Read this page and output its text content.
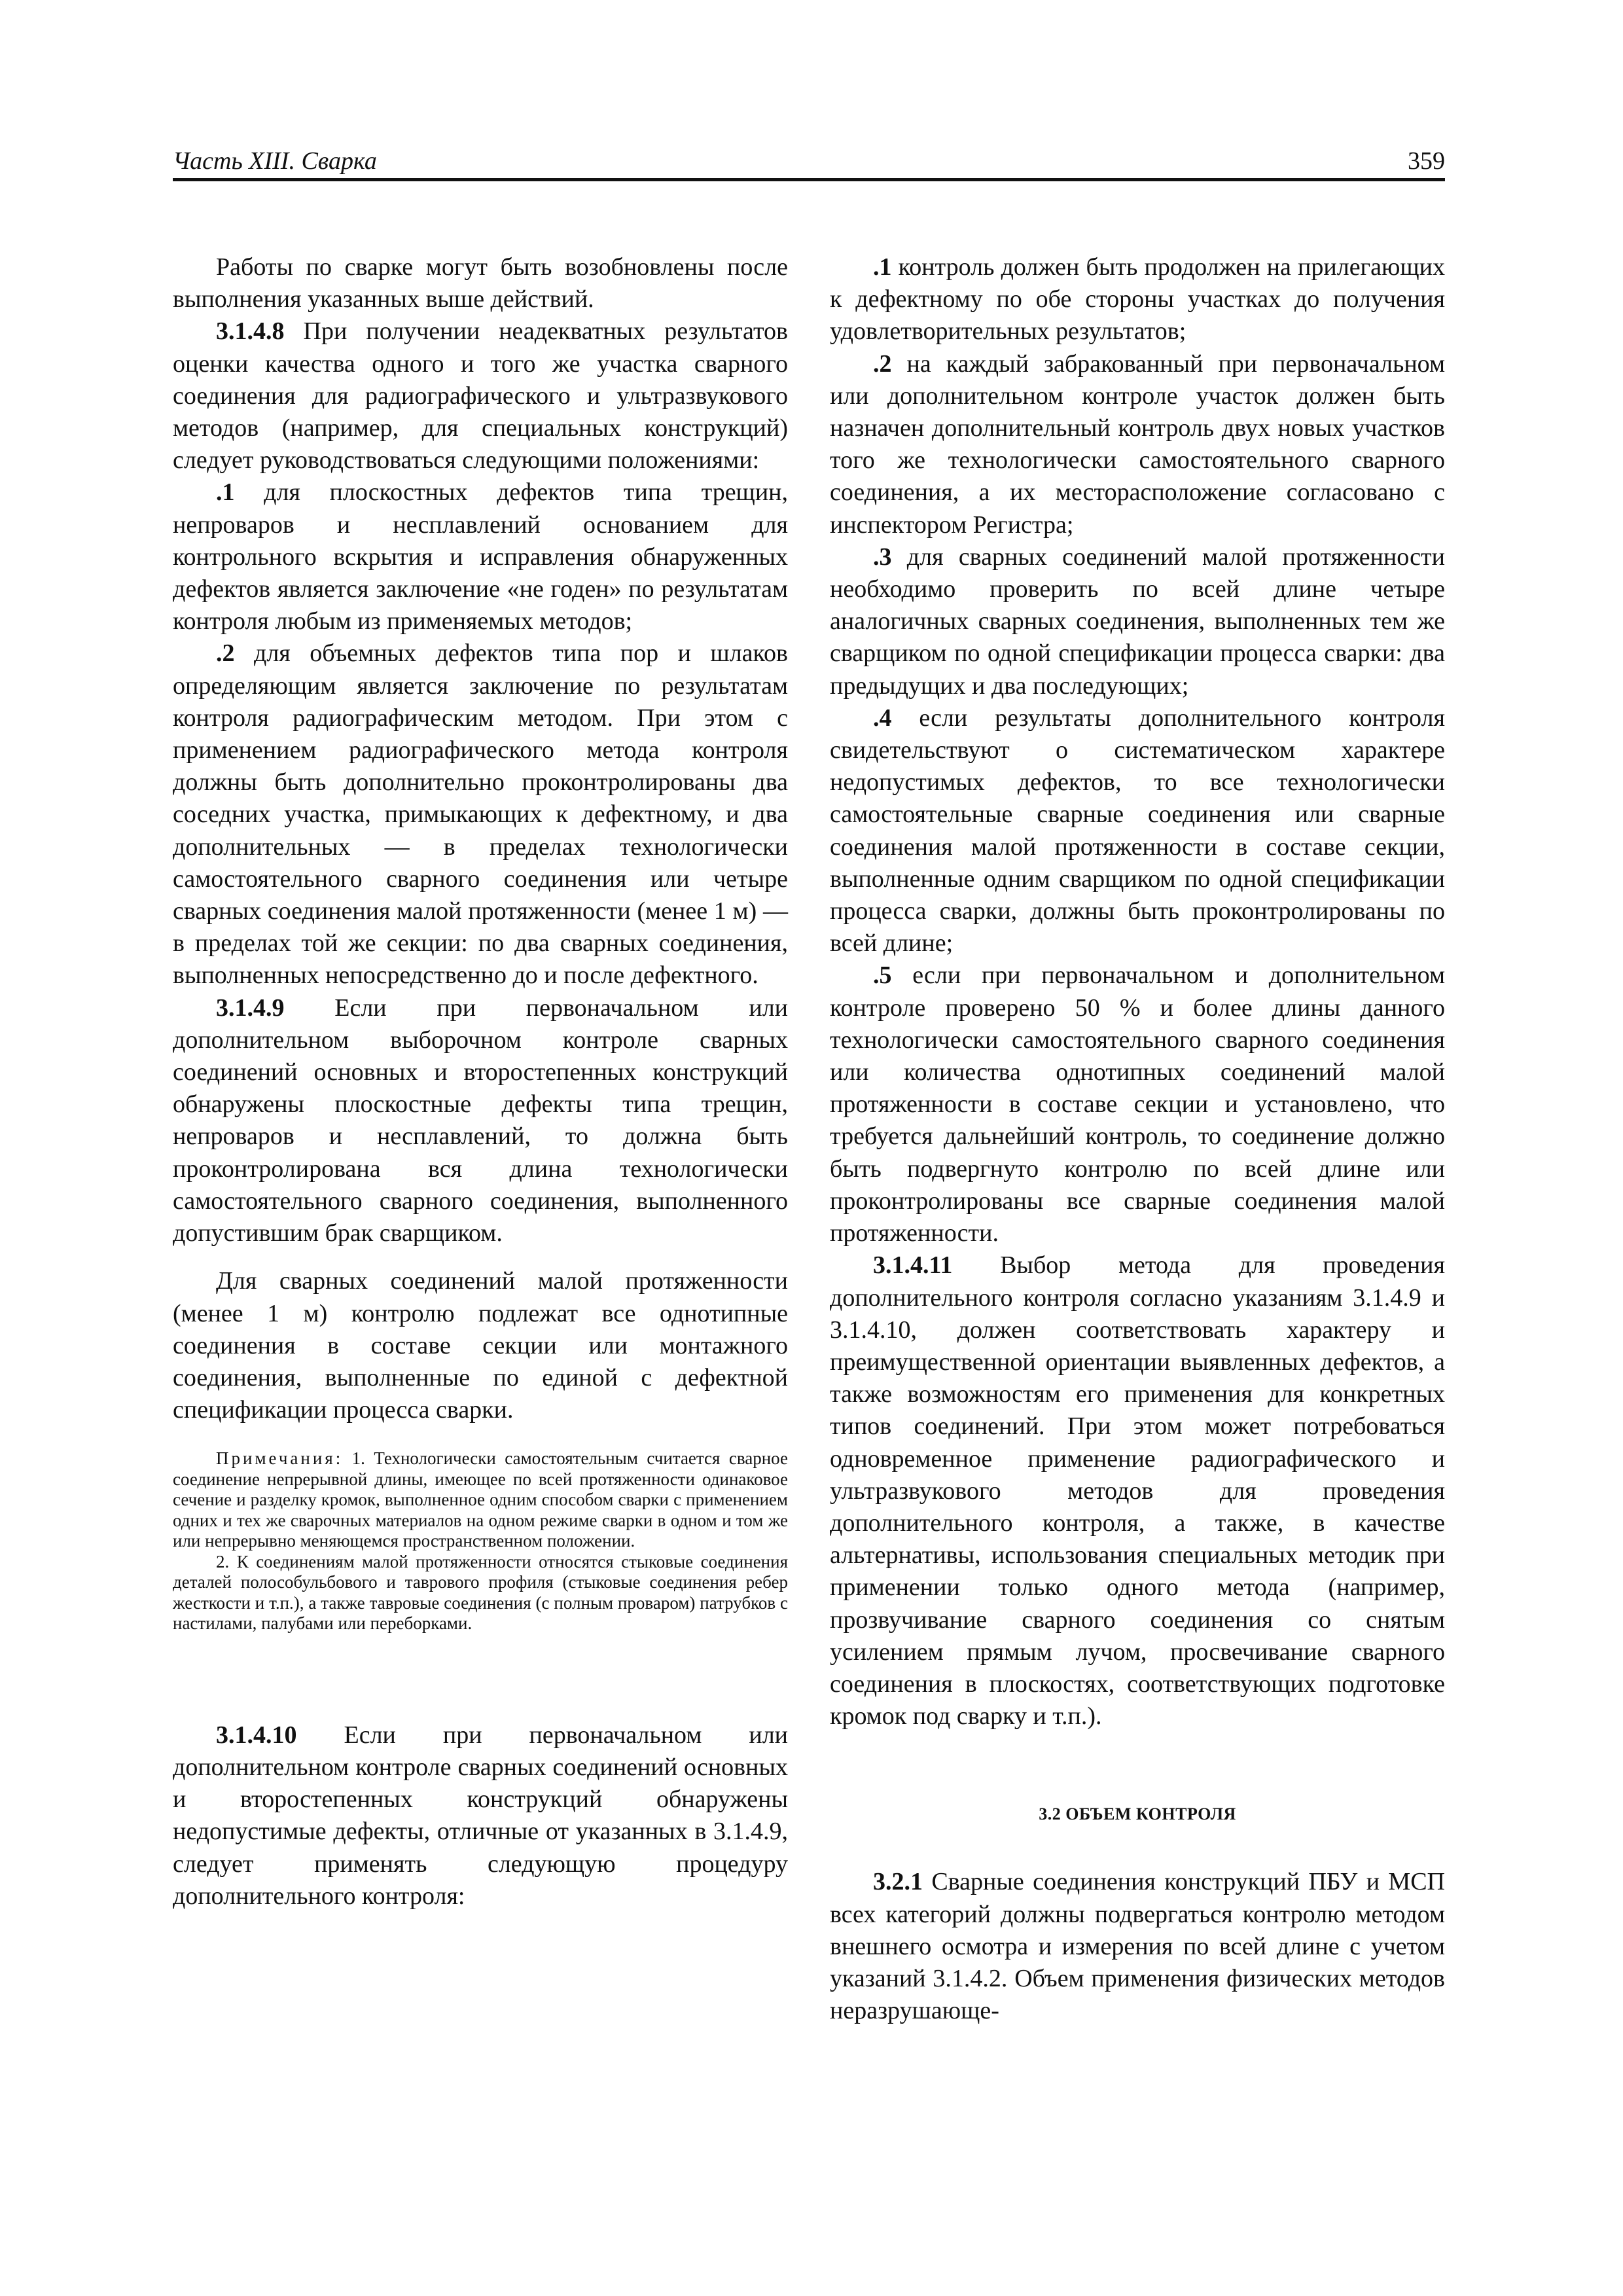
Часть XIII. Сварка	359

Работы по сварке могут быть возобновлены после выполнения указанных выше действий.

3.1.4.8 При получении неадекватных результатов оценки качества одного и того же участка сварного соединения для радиографического и ультразвукового методов (например, для специальных конструкций) следует руководствоваться следующими положениями:

.1 для плоскостных дефектов типа трещин, непроваров и несплавлений основанием для контрольного вскрытия и исправления обнаруженных дефектов является заключение «не годен» по результатам контроля любым из применяемых методов;

.2 для объемных дефектов типа пор и шлаков определяющим является заключение по результатам контроля радиографическим методом. При этом с применением радиографического метода контроля должны быть дополнительно проконтролированы два соседних участка, примыкающих к дефектному, и два дополнительных — в пределах технологически самостоятельного сварного соединения или четыре сварных соединения малой протяженности (менее 1 м) — в пределах той же секции: по два сварных соединения, выполненных непосредственно до и после дефектного.

3.1.4.9 Если при первоначальном или дополнительном выборочном контроле сварных соединений основных и второстепенных конструкций обнаружены плоскостные дефекты типа трещин, непроваров и несплавлений, то должна быть проконтролирована вся длина технологически самостоятельного сварного соединения, выполненного допустившим брак сварщиком.

Для сварных соединений малой протяженности (менее 1 м) контролю подлежат все однотипные соединения в составе секции или монтажного соединения, выполненные по единой с дефектной спецификации процесса сварки.

Примечания: 1. Технологически самостоятельным считается сварное соединение непрерывной длины, имеющее по всей протяженности одинаковое сечение и разделку кромок, выполненное одним способом сварки с применением одних и тех же сварочных материалов на одном режиме сварки в одном и том же или непрерывно меняющемся пространственном положении.

2. К соединениям малой протяженности относятся стыковые соединения деталей полособульбового и таврового профиля (стыковые соединения ребер жесткости и т.п.), а также тавровые соединения (с полным проваром) патрубков с настилами, палубами или переборками.

3.1.4.10 Если при первоначальном или дополнительном контроле сварных соединений основных и второстепенных конструкций обнаружены недопустимые дефекты, отличные от указанных в 3.1.4.9, следует применять следующую процедуру дополнительного контроля:

.1 контроль должен быть продолжен на прилегающих к дефектному по обе стороны участках до получения удовлетворительных результатов;

.2 на каждый забракованный при первоначальном или дополнительном контроле участок должен быть назначен дополнительный контроль двух новых участков того же технологически самостоятельного сварного соединения, а их месторасположение согласовано с инспектором Регистра;

.3 для сварных соединений малой протяженности необходимо проверить по всей длине четыре аналогичных сварных соединения, выполненных тем же сварщиком по одной спецификации процесса сварки: два предыдущих и два последующих;

.4 если результаты дополнительного контроля свидетельствуют о систематическом характере недопустимых дефектов, то все технологически самостоятельные сварные соединения или сварные соединения малой протяженности в составе секции, выполненные одним сварщиком по одной спецификации процесса сварки, должны быть проконтролированы по всей длине;

.5 если при первоначальном и дополнительном контроле проверено 50 % и более длины данного технологически самостоятельного сварного соединения или количества однотипных соединений малой протяженности в составе секции и установлено, что требуется дальнейший контроль, то соединение должно быть подвергнуто контролю по всей длине или проконтролированы все сварные соединения малой протяженности.

3.1.4.11 Выбор метода для проведения дополнительного контроля согласно указаниям 3.1.4.9 и 3.1.4.10, должен соответствовать характеру и преимущественной ориентации выявленных дефектов, а также возможностям его применения для конкретных типов соединений. При этом может потребоваться одновременное применение радиографического и ультразвукового методов для проведения дополнительного контроля, а также, в качестве альтернативы, использования специальных методик при применении только одного метода (например, прозвучивание сварного соединения со снятым усилением прямым лучом, просвечивание сварного соединения в плоскостях, соответствующих подготовке кромок под сварку и т.п.).

3.2 ОБЪЕМ КОНТРОЛЯ

3.2.1 Сварные соединения конструкций ПБУ и МСП всех категорий должны подвергаться контролю методом внешнего осмотра и измерения по всей длине с учетом указаний 3.1.4.2. Объем применения физических методов неразрушающе-
